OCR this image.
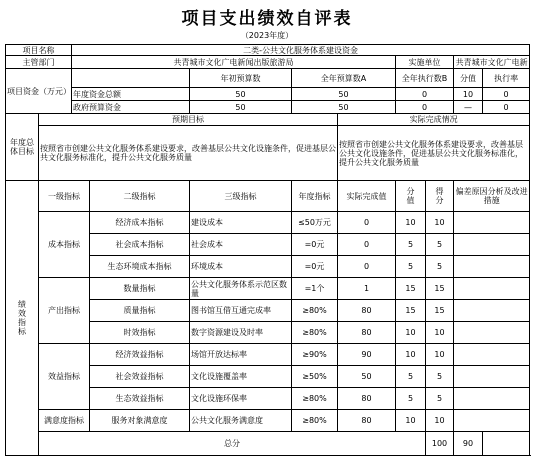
项目支出绩效自评表
（2023年度）
项目名称		二类-公共文化服务体系建设资金									
主管部门		共青城市文化广电新闻出版旅游局					实施单位		共青城市文化广电新		
项目资金（万元）				年初预算数	全年预算数A		全年执行数B		分值	执行率	
		年度资金总额		50	50		0		10	0	
		政府预算资金		50	50		0		—	0	
年度总体目标	预期目标					实际完成情况					
	按照省市创建公共文化服务体系建设要求，改善基层公共文化设施条件，促进基层公共文化服务标准化，提升公共文化服务质量					按照省市创建公共文化服务体系建设要求，改善基层公共文化设施条件，促进基层公共文化服务标准化，提升公共文化服务质量					
绩效指标	一级指标		二级指标	三级指标	年度指标	实际完成值	分值	得分	偏差原因分析及改进措施		
	成本指标		经济成本指标	建设成本	≤50万元	0	10	10			
			社会成本指标	社会成本	=0元	0	5	5			
			生态环境成本指标	环境成本	=0元	0	5	5			
	产出指标		数量指标	公共文化服务体系示范区数量	=1个	1	15	15			
			质量指标	图书馆互借互通完成率	≥80%	80	15	15			
			时效指标	数字资源建设及时率	≥80%	80	10	10			
	效益指标		经济效益指标	场馆开放达标率	≥90%	90	10	10			
			社会效益指标	文化设施覆盖率	≥50%	50	5	5			
			生态效益指标	文化设施环保率	≥80%	80	5	5			
	满意度指标		服务对象满意度	公共文化服务满意度	≥80%	80	10	10			
	总分							100	90		
